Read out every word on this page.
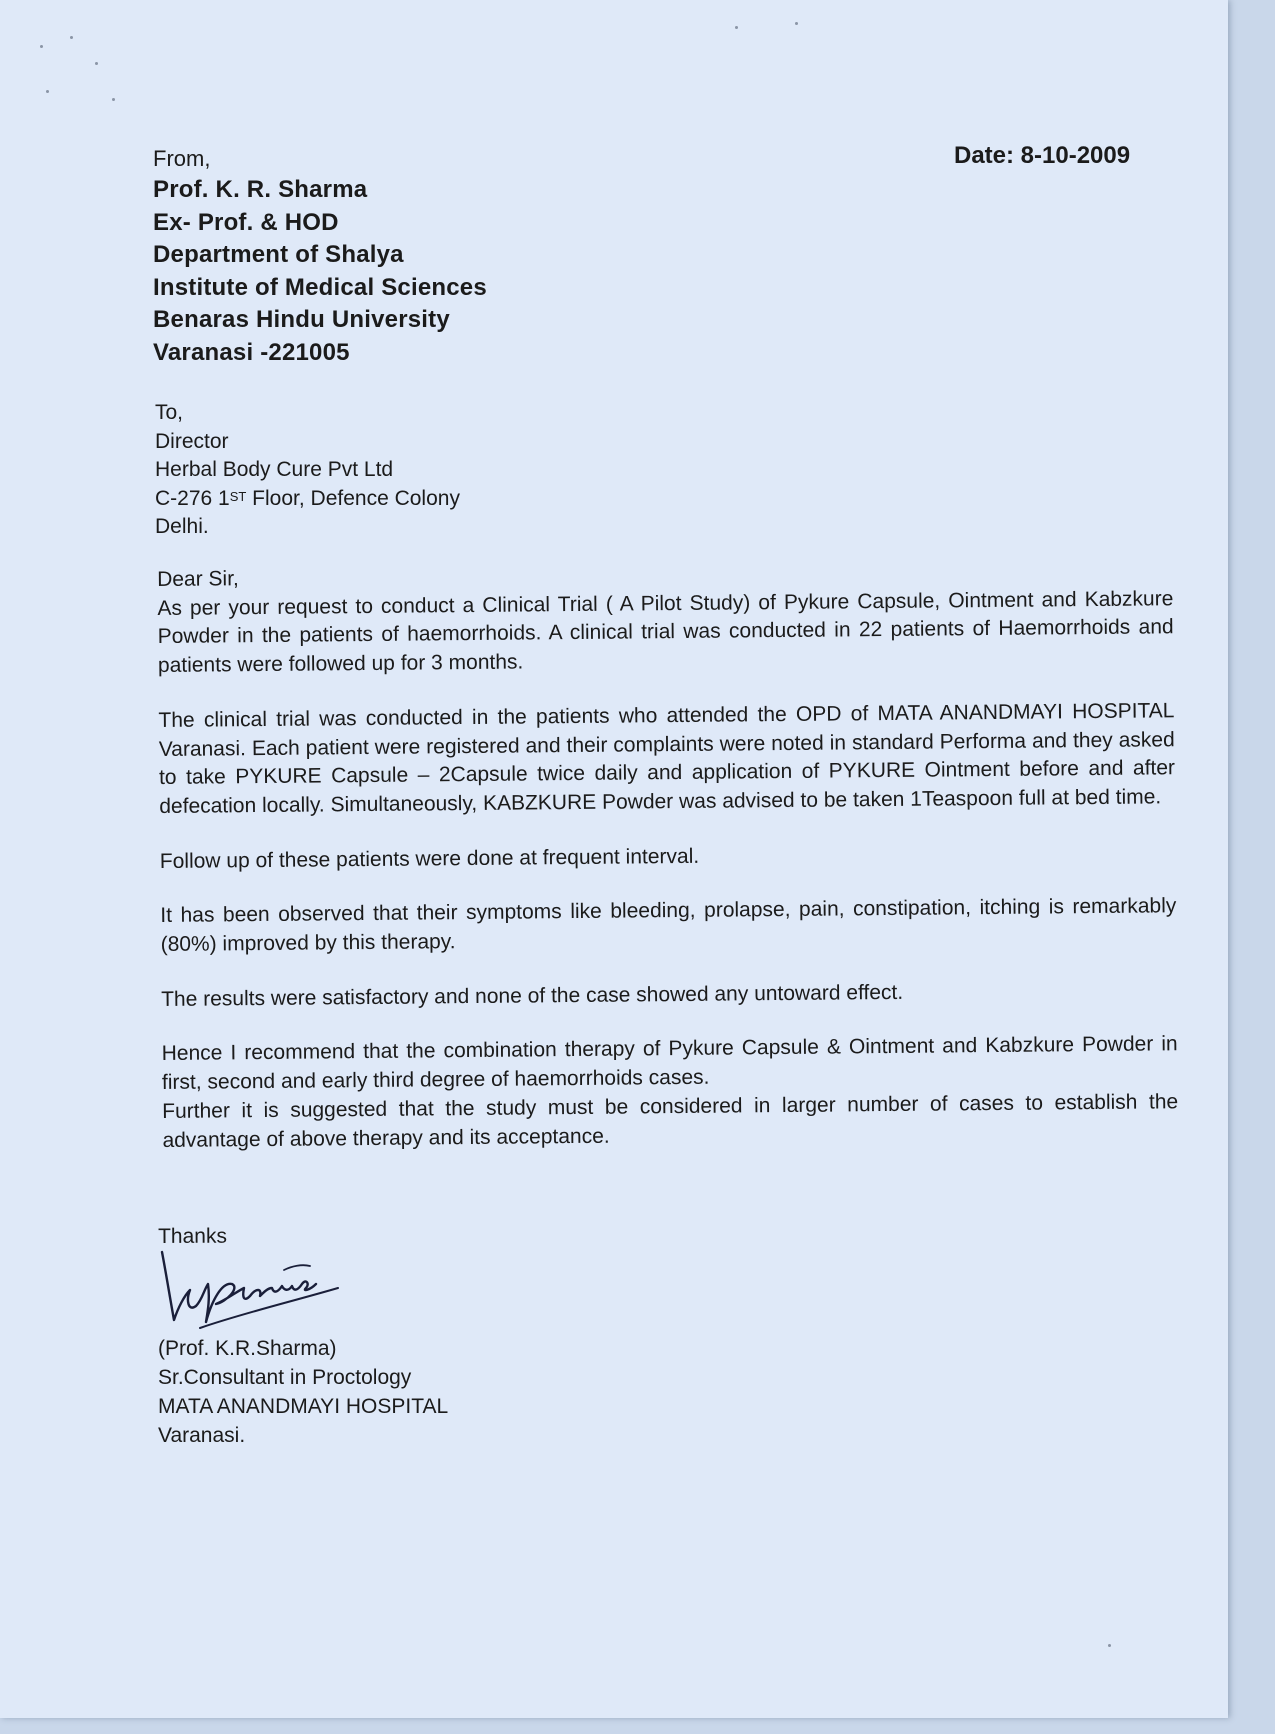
From,	Date: 8-10-2009
Prof. K. R. Sharma
Ex- Prof. & HOD
Department of Shalya
Institute of Medical Sciences
Benaras Hindu University
Varanasi -221005
To,
Director
Herbal Body Cure Pvt Ltd
C-276 1ST Floor, Defence Colony
Delhi.

Dear Sir,

As per your request to conduct a Clinical Trial ( A Pilot Study) of Pykure Capsule, Ointment and Kabzkure Powder in the patients of haemorrhoids. A clinical trial was conducted in 22 patients of Haemorrhoids and patients were followed up for 3 months.

The clinical trial was conducted in the patients who attended the OPD of MATA ANANDMAYI HOSPITAL Varanasi. Each patient were registered and their complaints were noted in standard Performa and they asked to take PYKURE Capsule – 2Capsule twice daily and application of PYKURE Ointment before and after defecation locally. Simultaneously, KABZKURE Powder was advised to be taken 1Teaspoon full at bed time.

Follow up of these patients were done at frequent interval.

It has been observed that their symptoms like bleeding, prolapse, pain, constipation, itching is remarkably (80%) improved by this therapy.

The results were satisfactory and none of the case showed any untoward effect.

Hence I recommend that the combination therapy of Pykure Capsule & Ointment and Kabzkure Powder in first, second and early third degree of haemorrhoids cases.

Further it is suggested that the study must be considered in larger number of cases to establish the advantage of above therapy and its acceptance.

Thanks
(Prof. K.R.Sharma)
Sr.Consultant in Proctology
MATA ANANDMAYI HOSPITAL
Varanasi.
